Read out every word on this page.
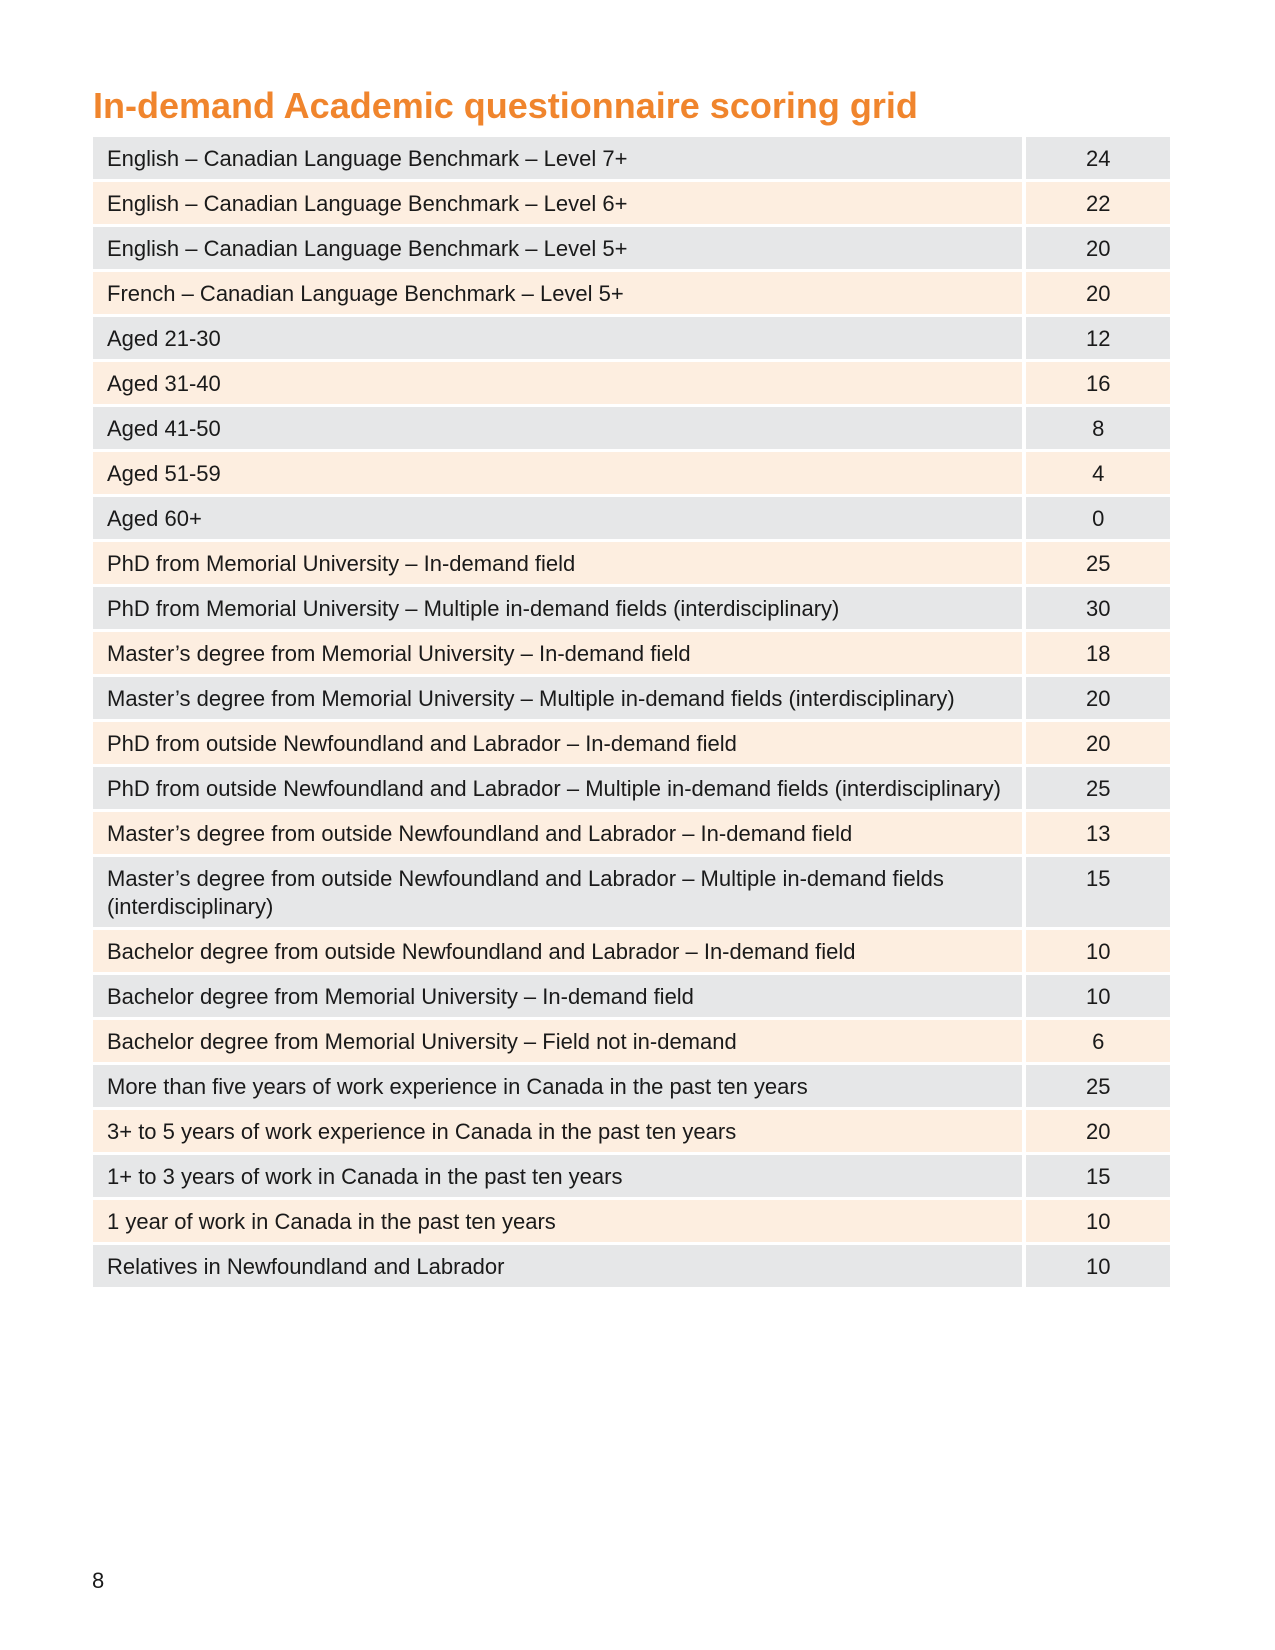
In-demand Academic questionnaire scoring grid
English – Canadian Language Benchmark – Level 7+	24
English – Canadian Language Benchmark – Level 6+	22
English – Canadian Language Benchmark – Level 5+	20
French – Canadian Language Benchmark – Level 5+	20
Aged 21-30	12
Aged 31-40	16
Aged 41-50	8
Aged 51-59	4
Aged 60+	0
PhD from Memorial University – In-demand field	25
PhD from Memorial University – Multiple in-demand fields (interdisciplinary)	30
Master’s degree from Memorial University – In-demand field	18
Master’s degree from Memorial University – Multiple in-demand fields (interdisciplinary)	20
PhD from outside Newfoundland and Labrador – In-demand field	20
PhD from outside Newfoundland and Labrador – Multiple in-demand fields (interdisciplinary)	25
Master’s degree from outside Newfoundland and Labrador – In-demand field	13
Master’s degree from outside Newfoundland and Labrador – Multiple in-demand fields (interdisciplinary)	15
Bachelor degree from outside Newfoundland and Labrador – In-demand field	10
Bachelor degree from Memorial University – In-demand field	10
Bachelor degree from Memorial University – Field not in-demand	6
More than five years of work experience in Canada in the past ten years	25
3+ to 5 years of work experience in Canada in the past ten years	20
1+ to 3 years of work in Canada in the past ten years	15
1 year of work in Canada in the past ten years	10
Relatives in Newfoundland and Labrador	10
8
